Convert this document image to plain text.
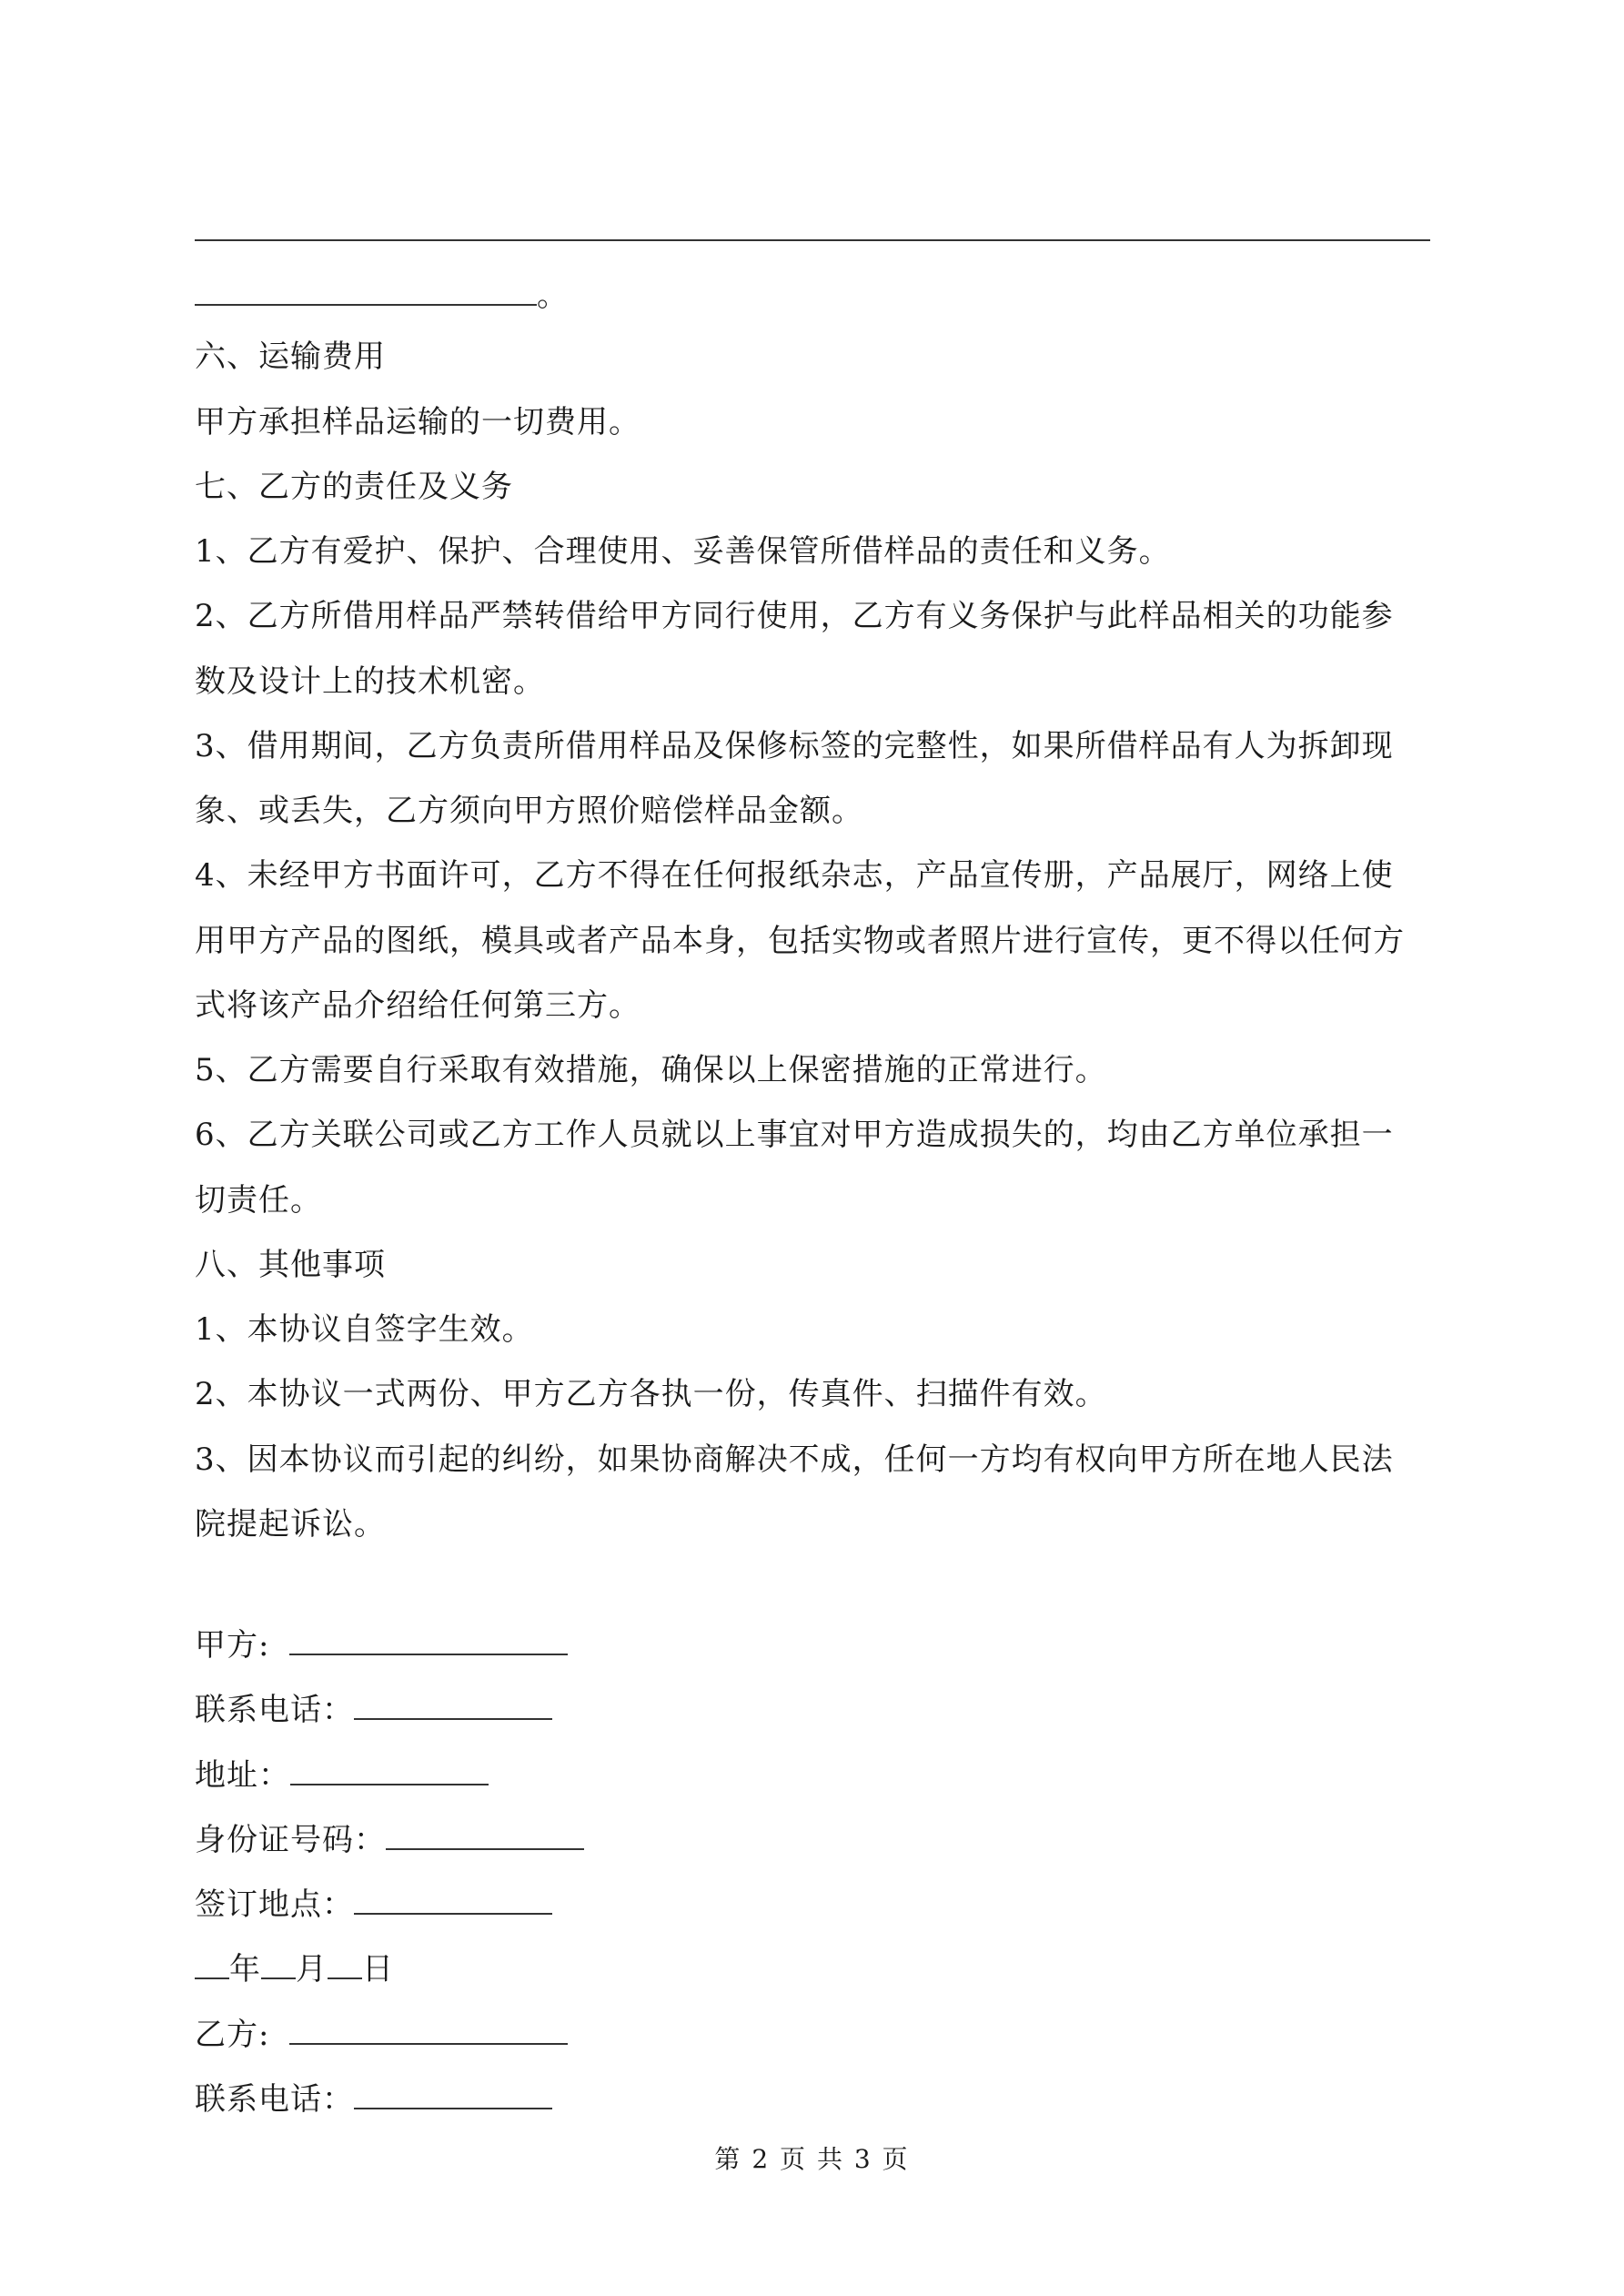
。
六、运输费用
甲方承担样品运输的一切费用。
七、乙方的责任及义务
1、乙方有爱护、保护、合理使用、妥善保管所借样品的责任和义务。
2、乙方所借用样品严禁转借给甲方同行使用，乙方有义务保护与此样品相关的功能参
数及设计上的技术机密。
3、借用期间，乙方负责所借用样品及保修标签的完整性，如果所借样品有人为拆卸现
象、或丢失，乙方须向甲方照价赔偿样品金额。
4、未经甲方书面许可，乙方不得在任何报纸杂志，产品宣传册，产品展厅，网络上使
用甲方产品的图纸，模具或者产品本身，包括实物或者照片进行宣传，更不得以任何方
式将该产品介绍给任何第三方。
5、乙方需要自行采取有效措施，确保以上保密措施的正常进行。
6、乙方关联公司或乙方工作人员就以上事宜对甲方造成损失的，均由乙方单位承担一
切责任。
八、其他事项
1、本协议自签字生效。
2、本协议一式两份、甲方乙方各执一份，传真件、扫描件有效。
3、因本协议而引起的纠纷，如果协商解决不成，任何一方均有权向甲方所在地人民法
院提起诉讼。
甲方:
联系电话：
地址：
身份证号码：
签订地点：
年 月 日
乙方:
联系电话：
第 2 页 共 3 页
